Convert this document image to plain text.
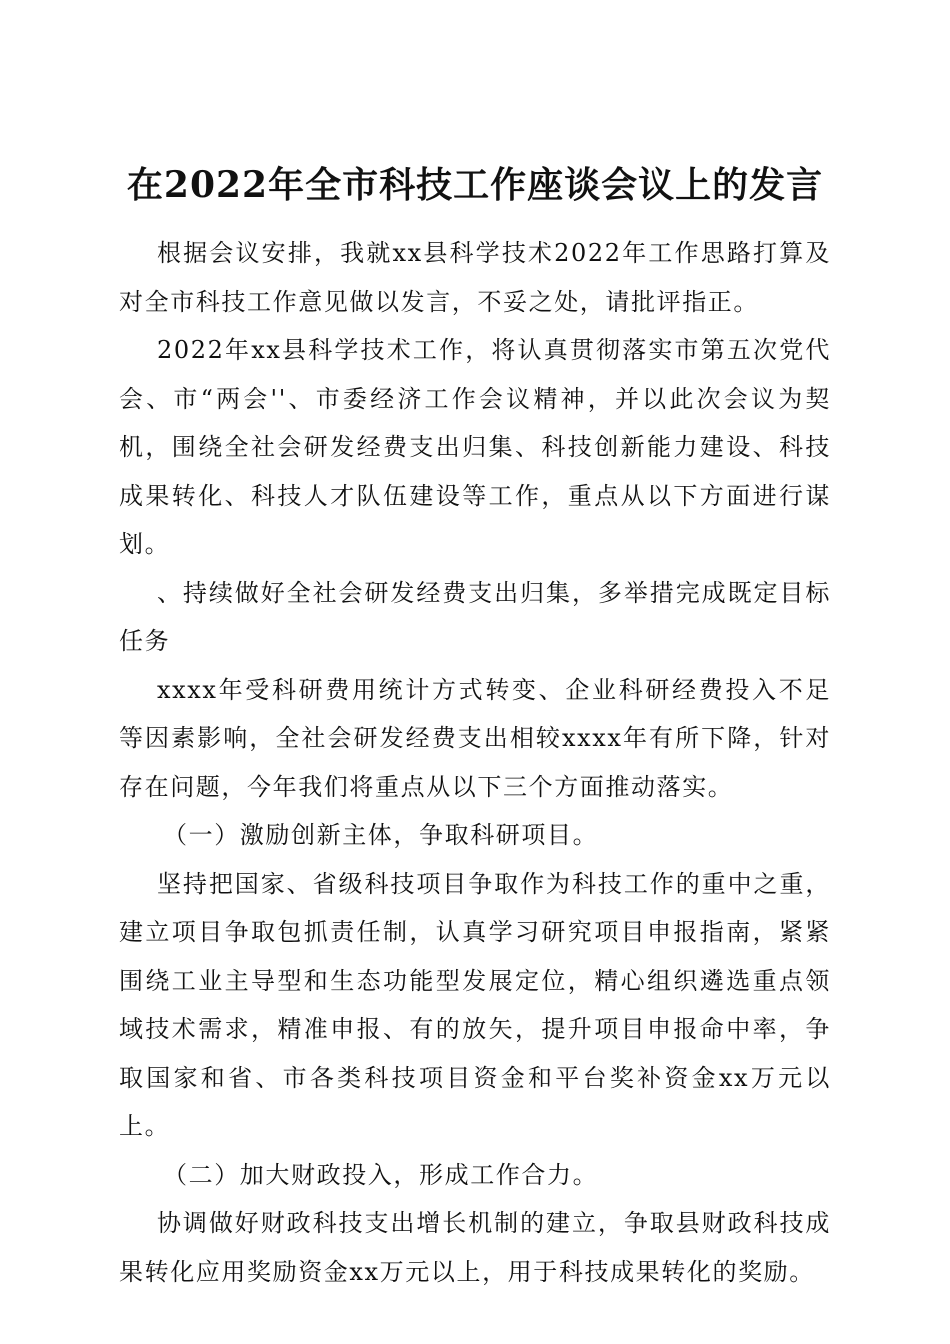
在2022年全市科技工作座谈会议上的发言

根据会议安排，我就xx县科学技术2022年工作思路打算及对全市科技工作意见做以发言，不妥之处，请批评指正。

2022年xx县科学技术工作，将认真贯彻落实市第五次党代会、市“两会''、市委经济工作会议精神，并以此次会议为契机，围绕全社会研发经费支出归集、科技创新能力建设、科技成果转化、科技人才队伍建设等工作，重点从以下方面进行谋划。

、持续做好全社会研发经费支出归集，多举措完成既定目标任务

xxxx年受科研费用统计方式转变、企业科研经费投入不足等因素影响，全社会研发经费支出相较xxxx年有所下降，针对存在问题，今年我们将重点从以下三个方面推动落实。

（一）激励创新主体，争取科研项目。

坚持把国家、省级科技项目争取作为科技工作的重中之重，建立项目争取包抓责任制，认真学习研究项目申报指南，紧紧围绕工业主导型和生态功能型发展定位，精心组织遴选重点领域技术需求，精准申报、有的放矢，提升项目申报命中率，争取国家和省、市各类科技项目资金和平台奖补资金xx万元以上。

（二）加大财政投入，形成工作合力。

协调做好财政科技支出增长机制的建立，争取县财政科技成果转化应用奖励资金xx万元以上，用于科技成果转化的奖励。
